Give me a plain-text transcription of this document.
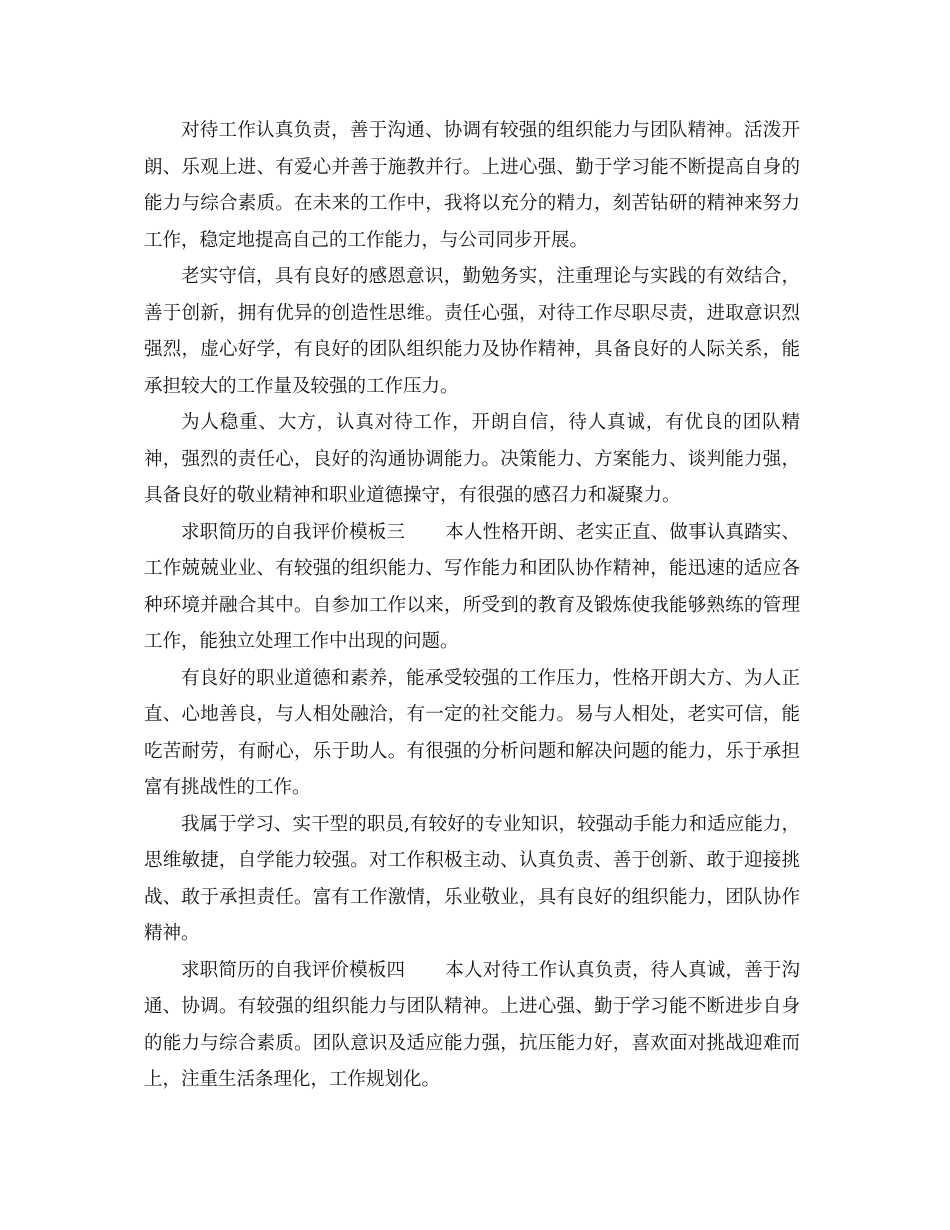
对待工作认真负责，善于沟通、协调有较强的组织能力与团队精神。活泼开朗、乐观上进、有爱心并善于施教并行。上进心强、勤于学习能不断提高自身的能力与综合素质。在未来的工作中，我将以充分的精力，刻苦钻研的精神来努力工作，稳定地提高自己的工作能力，与公司同步开展。

老实守信，具有良好的感恩意识，勤勉务实，注重理论与实践的有效结合，善于创新，拥有优异的创造性思维。责任心强，对待工作尽职尽责，进取意识烈强烈，虚心好学，有良好的团队组织能力及协作精神，具备良好的人际关系，能承担较大的工作量及较强的工作压力。

为人稳重、大方，认真对待工作，开朗自信，待人真诚，有优良的团队精神，强烈的责任心，良好的沟通协调能力。决策能力、方案能力、谈判能力强，具备良好的敬业精神和职业道德操守，有很强的感召力和凝聚力。

求职简历的自我评价模板三 本人性格开朗、老实正直、做事认真踏实、工作兢兢业业、有较强的组织能力、写作能力和团队协作精神，能迅速的适应各种环境并融合其中。自参加工作以来，所受到的教育及锻炼使我能够熟练的管理工作，能独立处理工作中出现的问题。

有良好的职业道德和素养，能承受较强的工作压力，性格开朗大方、为人正直、心地善良，与人相处融洽，有一定的社交能力。易与人相处，老实可信，能吃苦耐劳，有耐心，乐于助人。有很强的分析问题和解决问题的能力，乐于承担富有挑战性的工作。

我属于学习、实干型的职员,有较好的专业知识，较强动手能力和适应能力，思维敏捷，自学能力较强。对工作积极主动、认真负责、善于创新、敢于迎接挑战、敢于承担责任。富有工作激情，乐业敬业，具有良好的组织能力，团队协作精神。

求职简历的自我评价模板四 本人对待工作认真负责，待人真诚，善于沟通、协调。有较强的组织能力与团队精神。上进心强、勤于学习能不断进步自身的能力与综合素质。团队意识及适应能力强，抗压能力好，喜欢面对挑战迎难而上，注重生活条理化，工作规划化。
